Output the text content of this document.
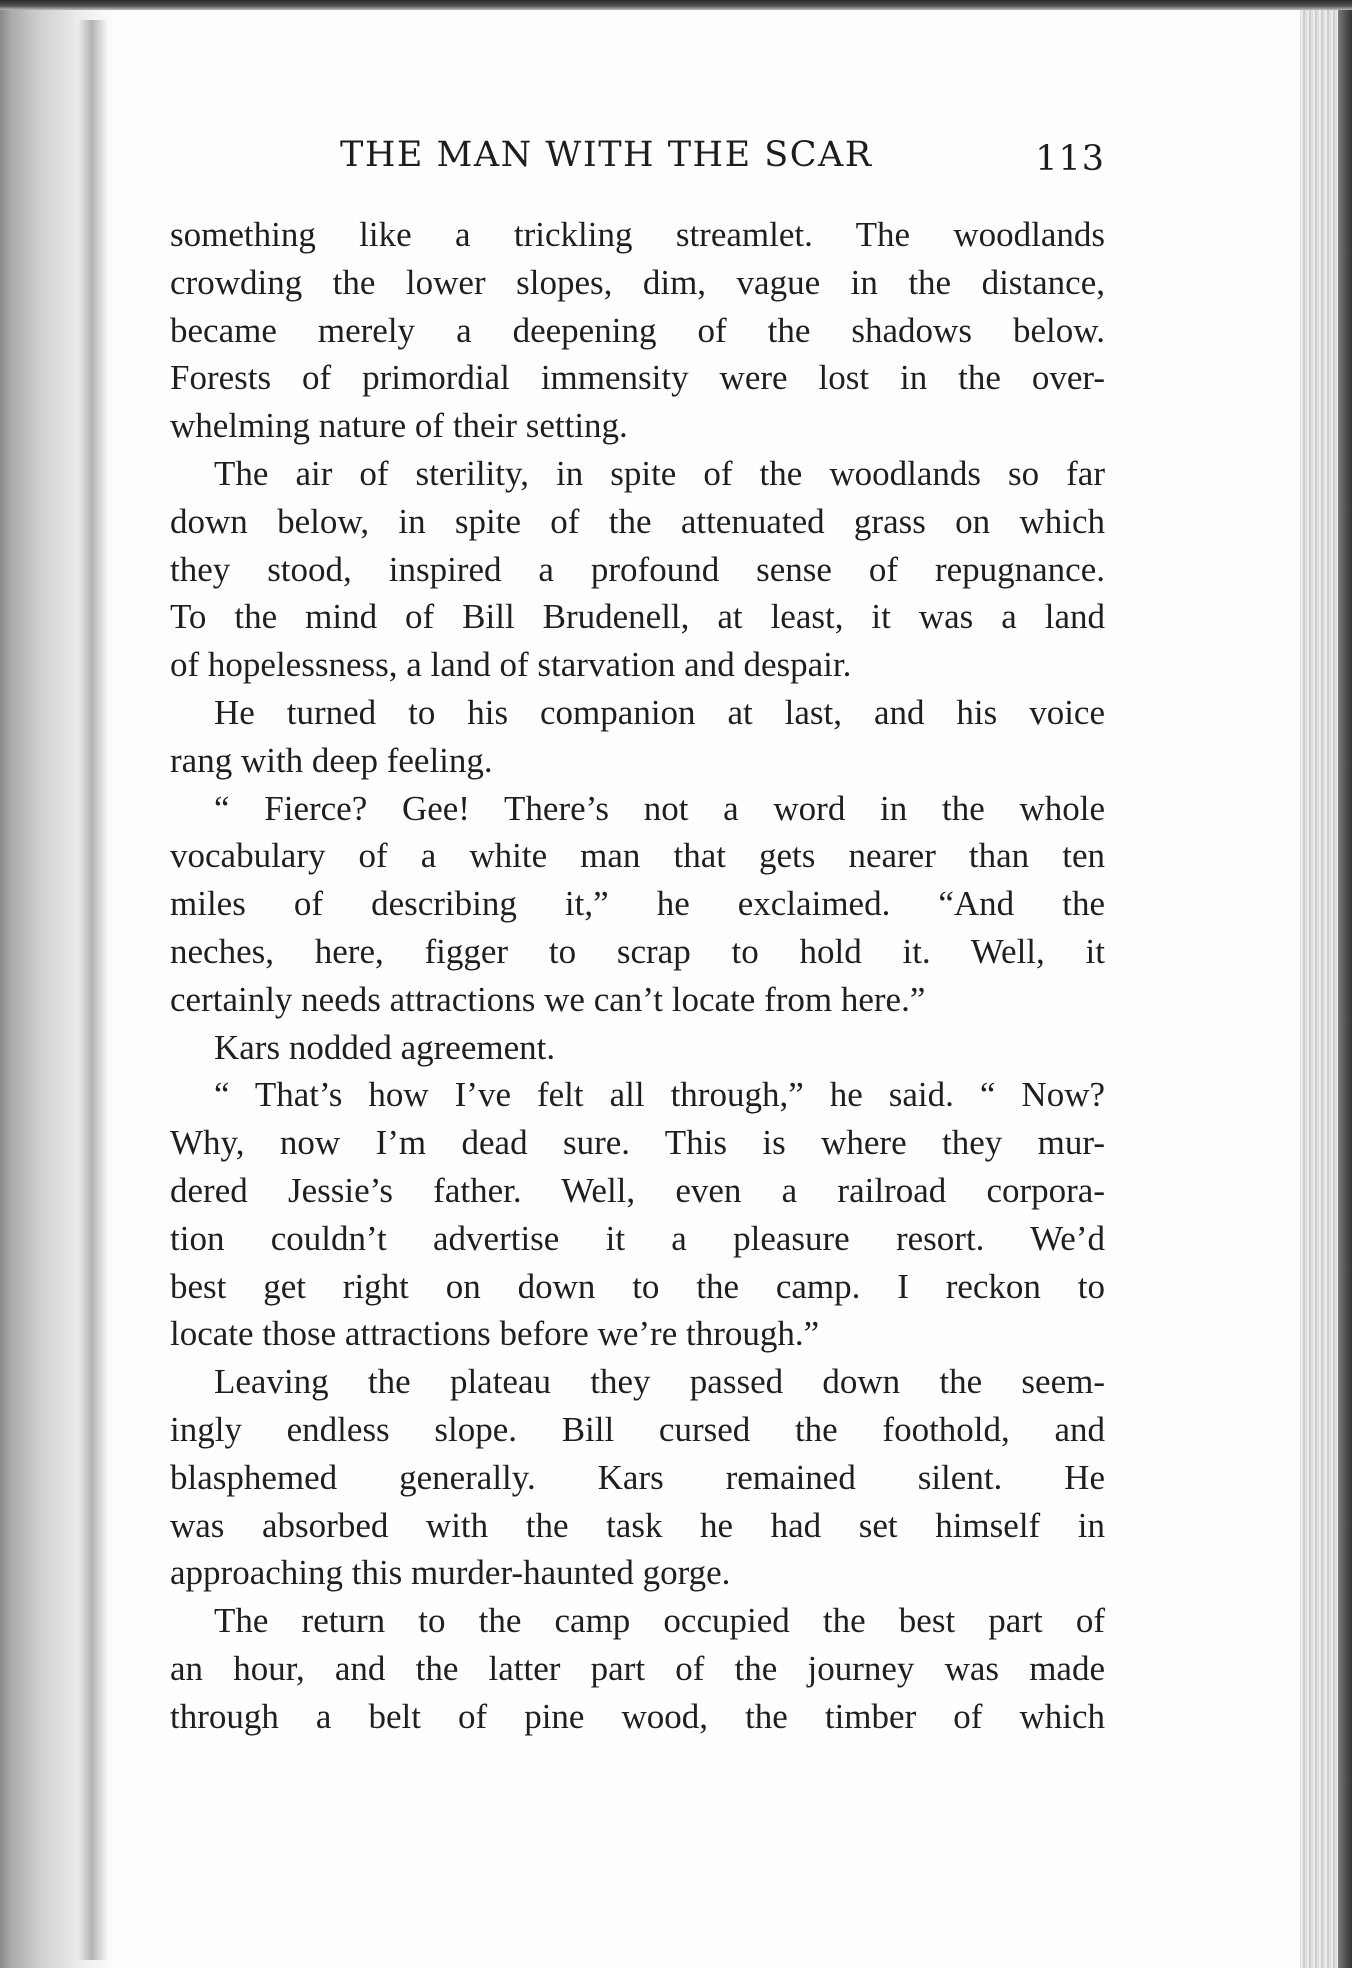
THE MAN WITH THE SCAR	113
something like a trickling streamlet. The woodlands
crowding the lower slopes, dim, vague in the distance,
became merely a deepening of the shadows below.
Forests of primordial immensity were lost in the over-
whelming nature of their setting.
The air of sterility, in spite of the woodlands so far
down below, in spite of the attenuated grass on which
they stood, inspired a profound sense of repugnance.
To the mind of Bill Brudenell, at least, it was a land
of hopelessness, a land of starvation and despair.
He turned to his companion at last, and his voice
rang with deep feeling.
“ Fierce? Gee! There’s not a word in the whole
vocabulary of a white man that gets nearer than ten
miles of describing it,” he exclaimed. “And the
neches, here, figger to scrap to hold it. Well, it
certainly needs attractions we can’t locate from here.”
Kars nodded agreement.
“ That’s how I’ve felt all through,” he said. “ Now?
Why, now I’m dead sure. This is where they mur-
dered Jessie’s father. Well, even a railroad corpora-
tion couldn’t advertise it a pleasure resort. We’d
best get right on down to the camp. I reckon to
locate those attractions before we’re through.”
Leaving the plateau they passed down the seem-
ingly endless slope. Bill cursed the foothold, and
blasphemed generally. Kars remained silent. He
was absorbed with the task he had set himself in
approaching this murder-haunted gorge.
The return to the camp occupied the best part of
an hour, and the latter part of the journey was made
through a belt of pine wood, the timber of which
